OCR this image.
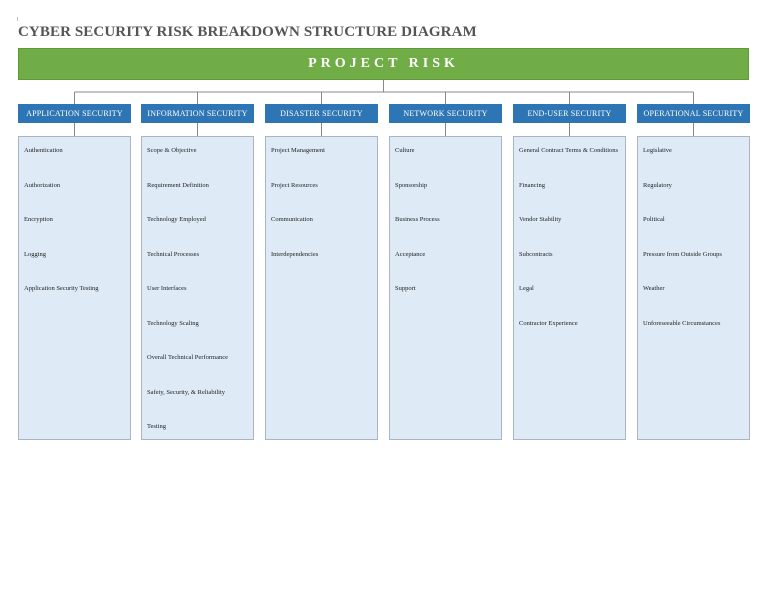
CYBER SECURITY RISK BREAKDOWN STRUCTURE DIAGRAM
PROJECT RISK
APPLICATION SECURITY
Authentication
Authorization
Encryption
Logging
Application Security Testing
INFORMATION SECURITY
Scope & Objective
Requirement Definition
Technology Employed
Technical Processes
User Interfaces
Technology Scaling
Overall Technical Performance
Safety, Security, & Reliability
Testing
DISASTER SECURITY
Project Management
Project Resources
Communication
Interdependencies
NETWORK SECURITY
Culture
Sponsorship
Business Process
Acceptance
Support
END-USER SECURITY
General Contract Terms & Conditions
Financing
Vendor Stability
Subcontracts
Legal
Contractor Experience
OPERATIONAL SECURITY
Legislative
Regulatory
Political
Pressure from Outside Groups
Weather
Unforeseeable Circumstances
